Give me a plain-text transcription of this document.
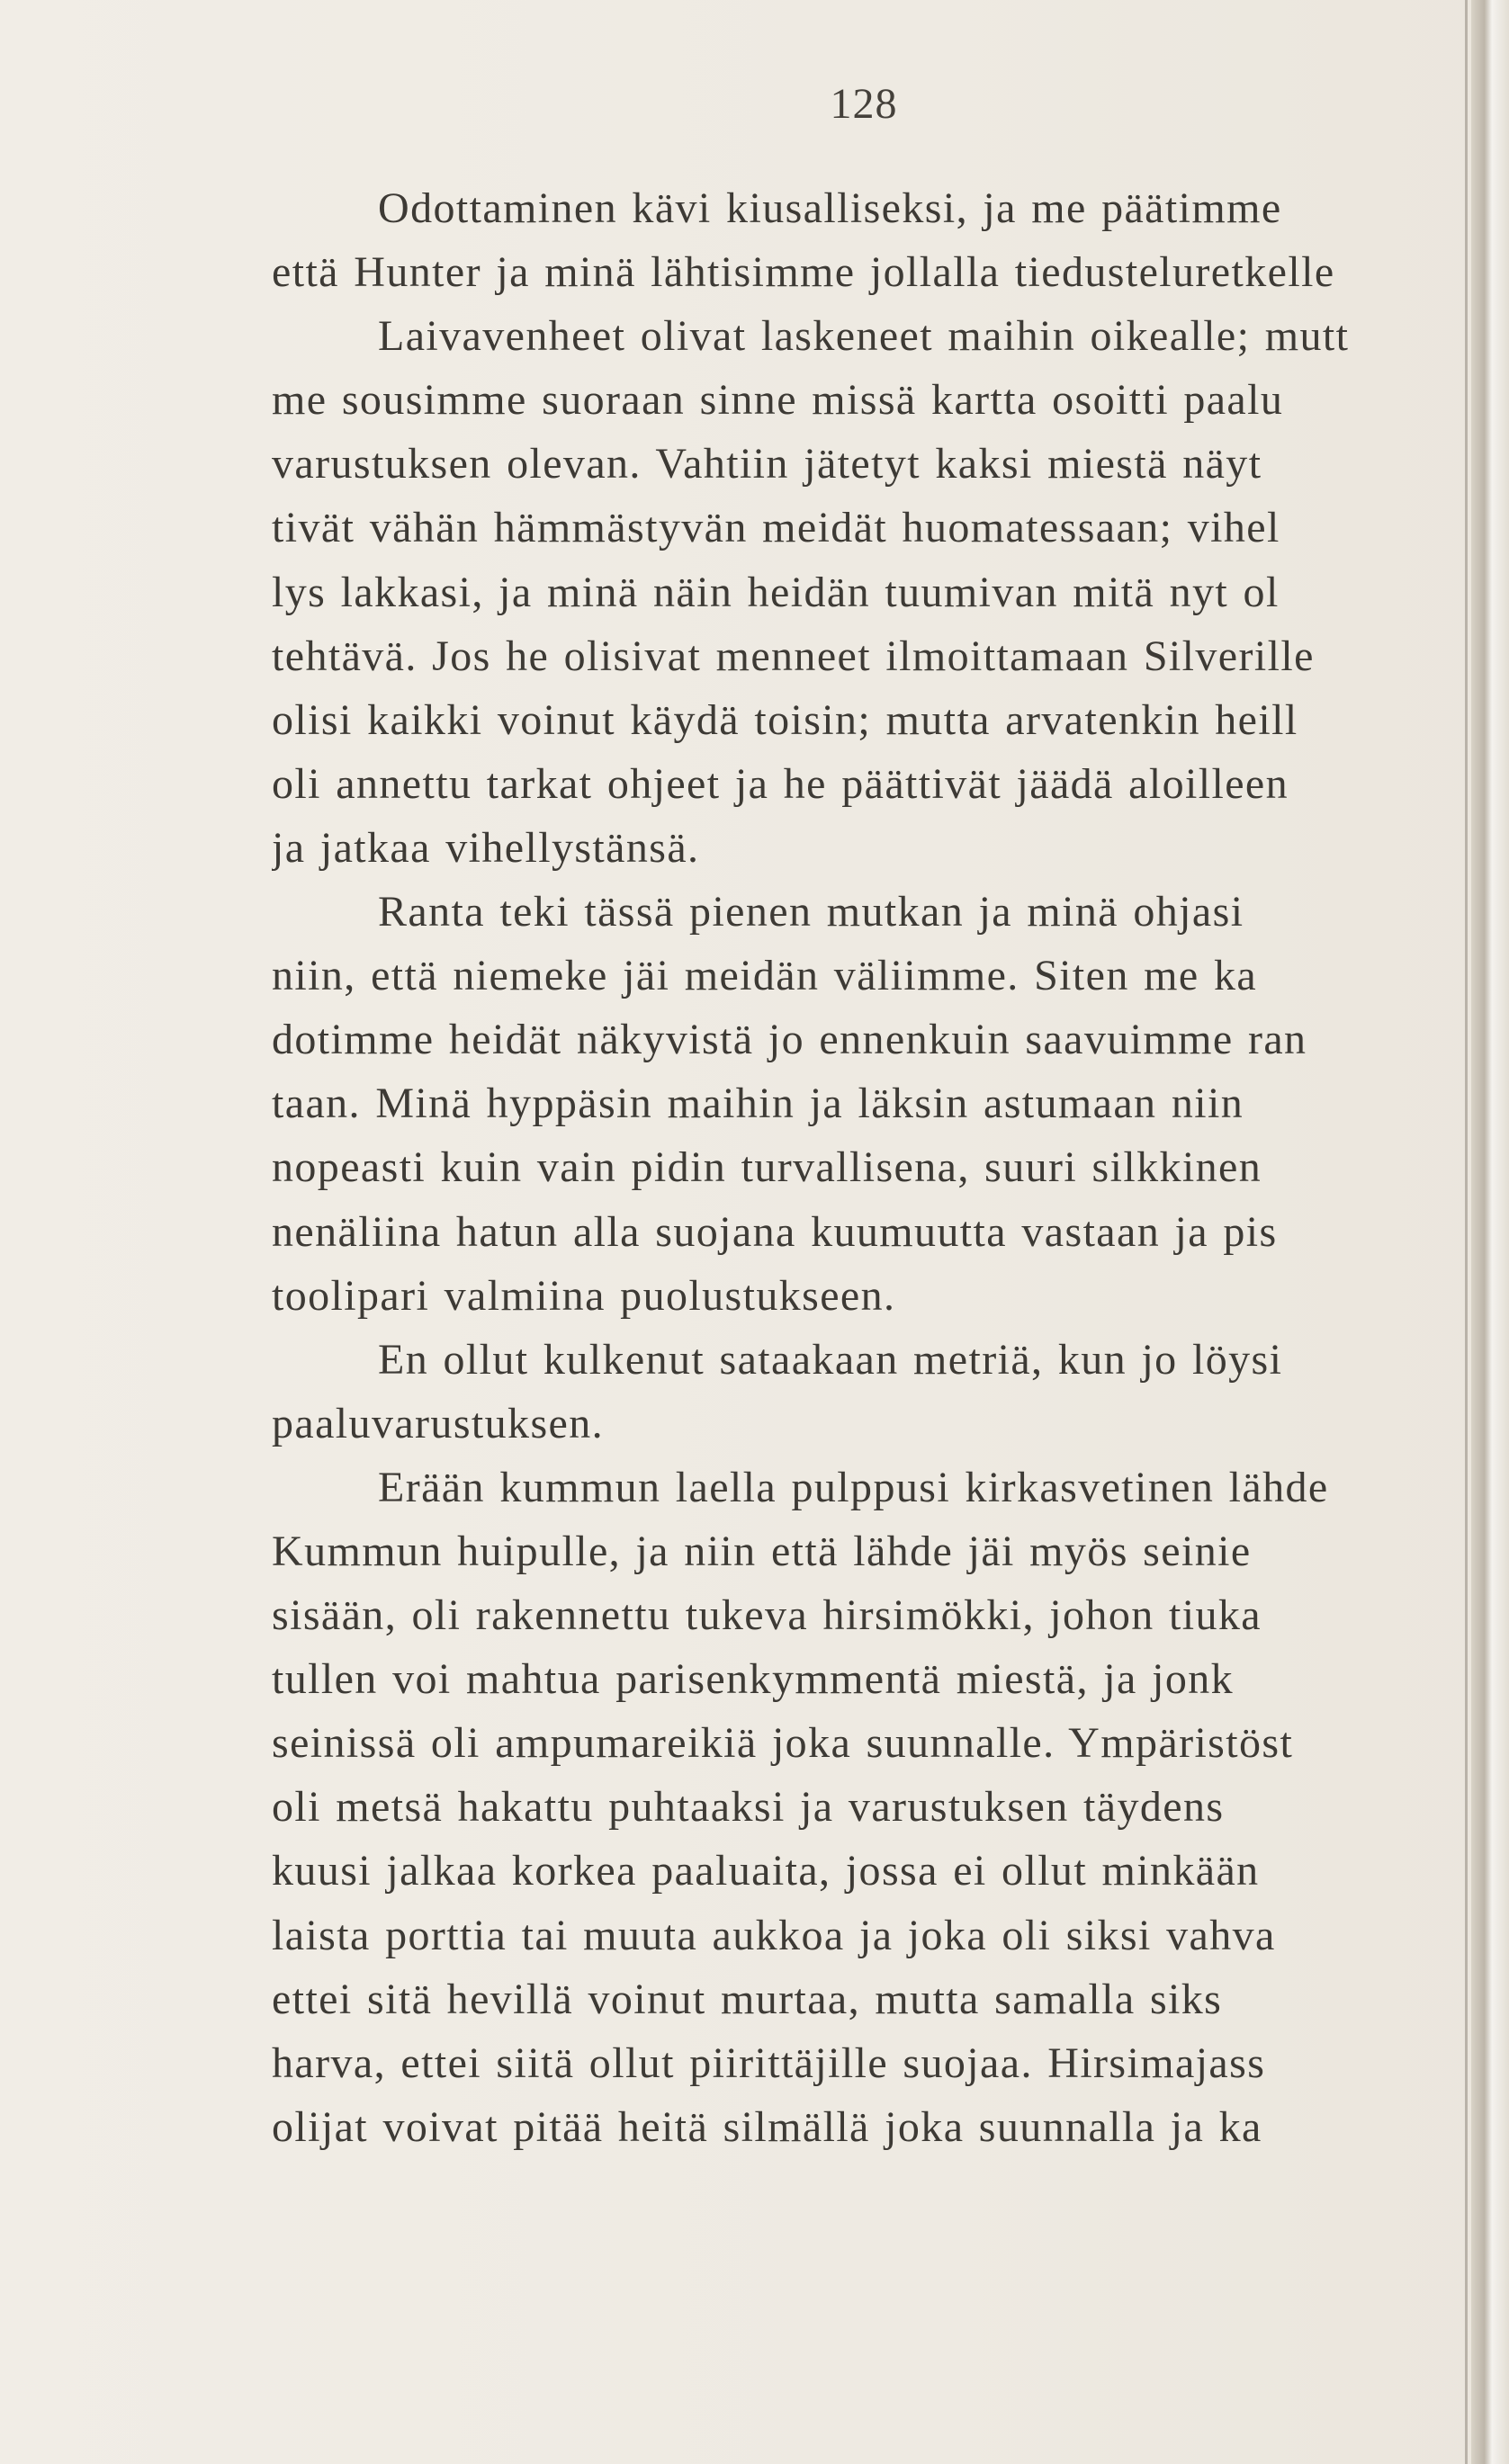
128
Odottaminen kävi kiusalliseksi, ja me päätimme
että Hunter ja minä lähtisimme jollalla tiedusteluretkelle
Laivavenheet olivat laskeneet maihin oikealle; mutt
me sousimme suoraan sinne missä kartta osoitti paalu
varustuksen olevan. Vahtiin jätetyt kaksi miestä näyt
tivät vähän hämmästyvän meidät huomatessaan; vihel
lys lakkasi, ja minä näin heidän tuumivan mitä nyt ol
tehtävä. Jos he olisivat menneet ilmoittamaan Silverille
olisi kaikki voinut käydä toisin; mutta arvatenkin heill
oli annettu tarkat ohjeet ja he päättivät jäädä aloilleen
ja jatkaa vihellystänsä.
Ranta teki tässä pienen mutkan ja minä ohjasi
niin, että niemeke jäi meidän väliimme. Siten me ka
dotimme heidät näkyvistä jo ennenkuin saavuimme ran
taan. Minä hyppäsin maihin ja läksin astumaan niin
nopeasti kuin vain pidin turvallisena, suuri silkkinen
nenäliina hatun alla suojana kuumuutta vastaan ja pis
toolipari valmiina puolustukseen.
En ollut kulkenut sataakaan metriä, kun jo löysi
paaluvarustuksen.
Erään kummun laella pulppusi kirkasvetinen lähde
Kummun huipulle, ja niin että lähde jäi myös seinie
sisään, oli rakennettu tukeva hirsimökki, johon tiuka
tullen voi mahtua parisenkymmentä miestä, ja jonk
seinissä oli ampumareikiä joka suunnalle. Ympäristöst
oli metsä hakattu puhtaaksi ja varustuksen täydens
kuusi jalkaa korkea paaluaita, jossa ei ollut minkään
laista porttia tai muuta aukkoa ja joka oli siksi vahva
ettei sitä hevillä voinut murtaa, mutta samalla siks
harva, ettei siitä ollut piirittäjille suojaa. Hirsimajass
olijat voivat pitää heitä silmällä joka suunnalla ja ka
